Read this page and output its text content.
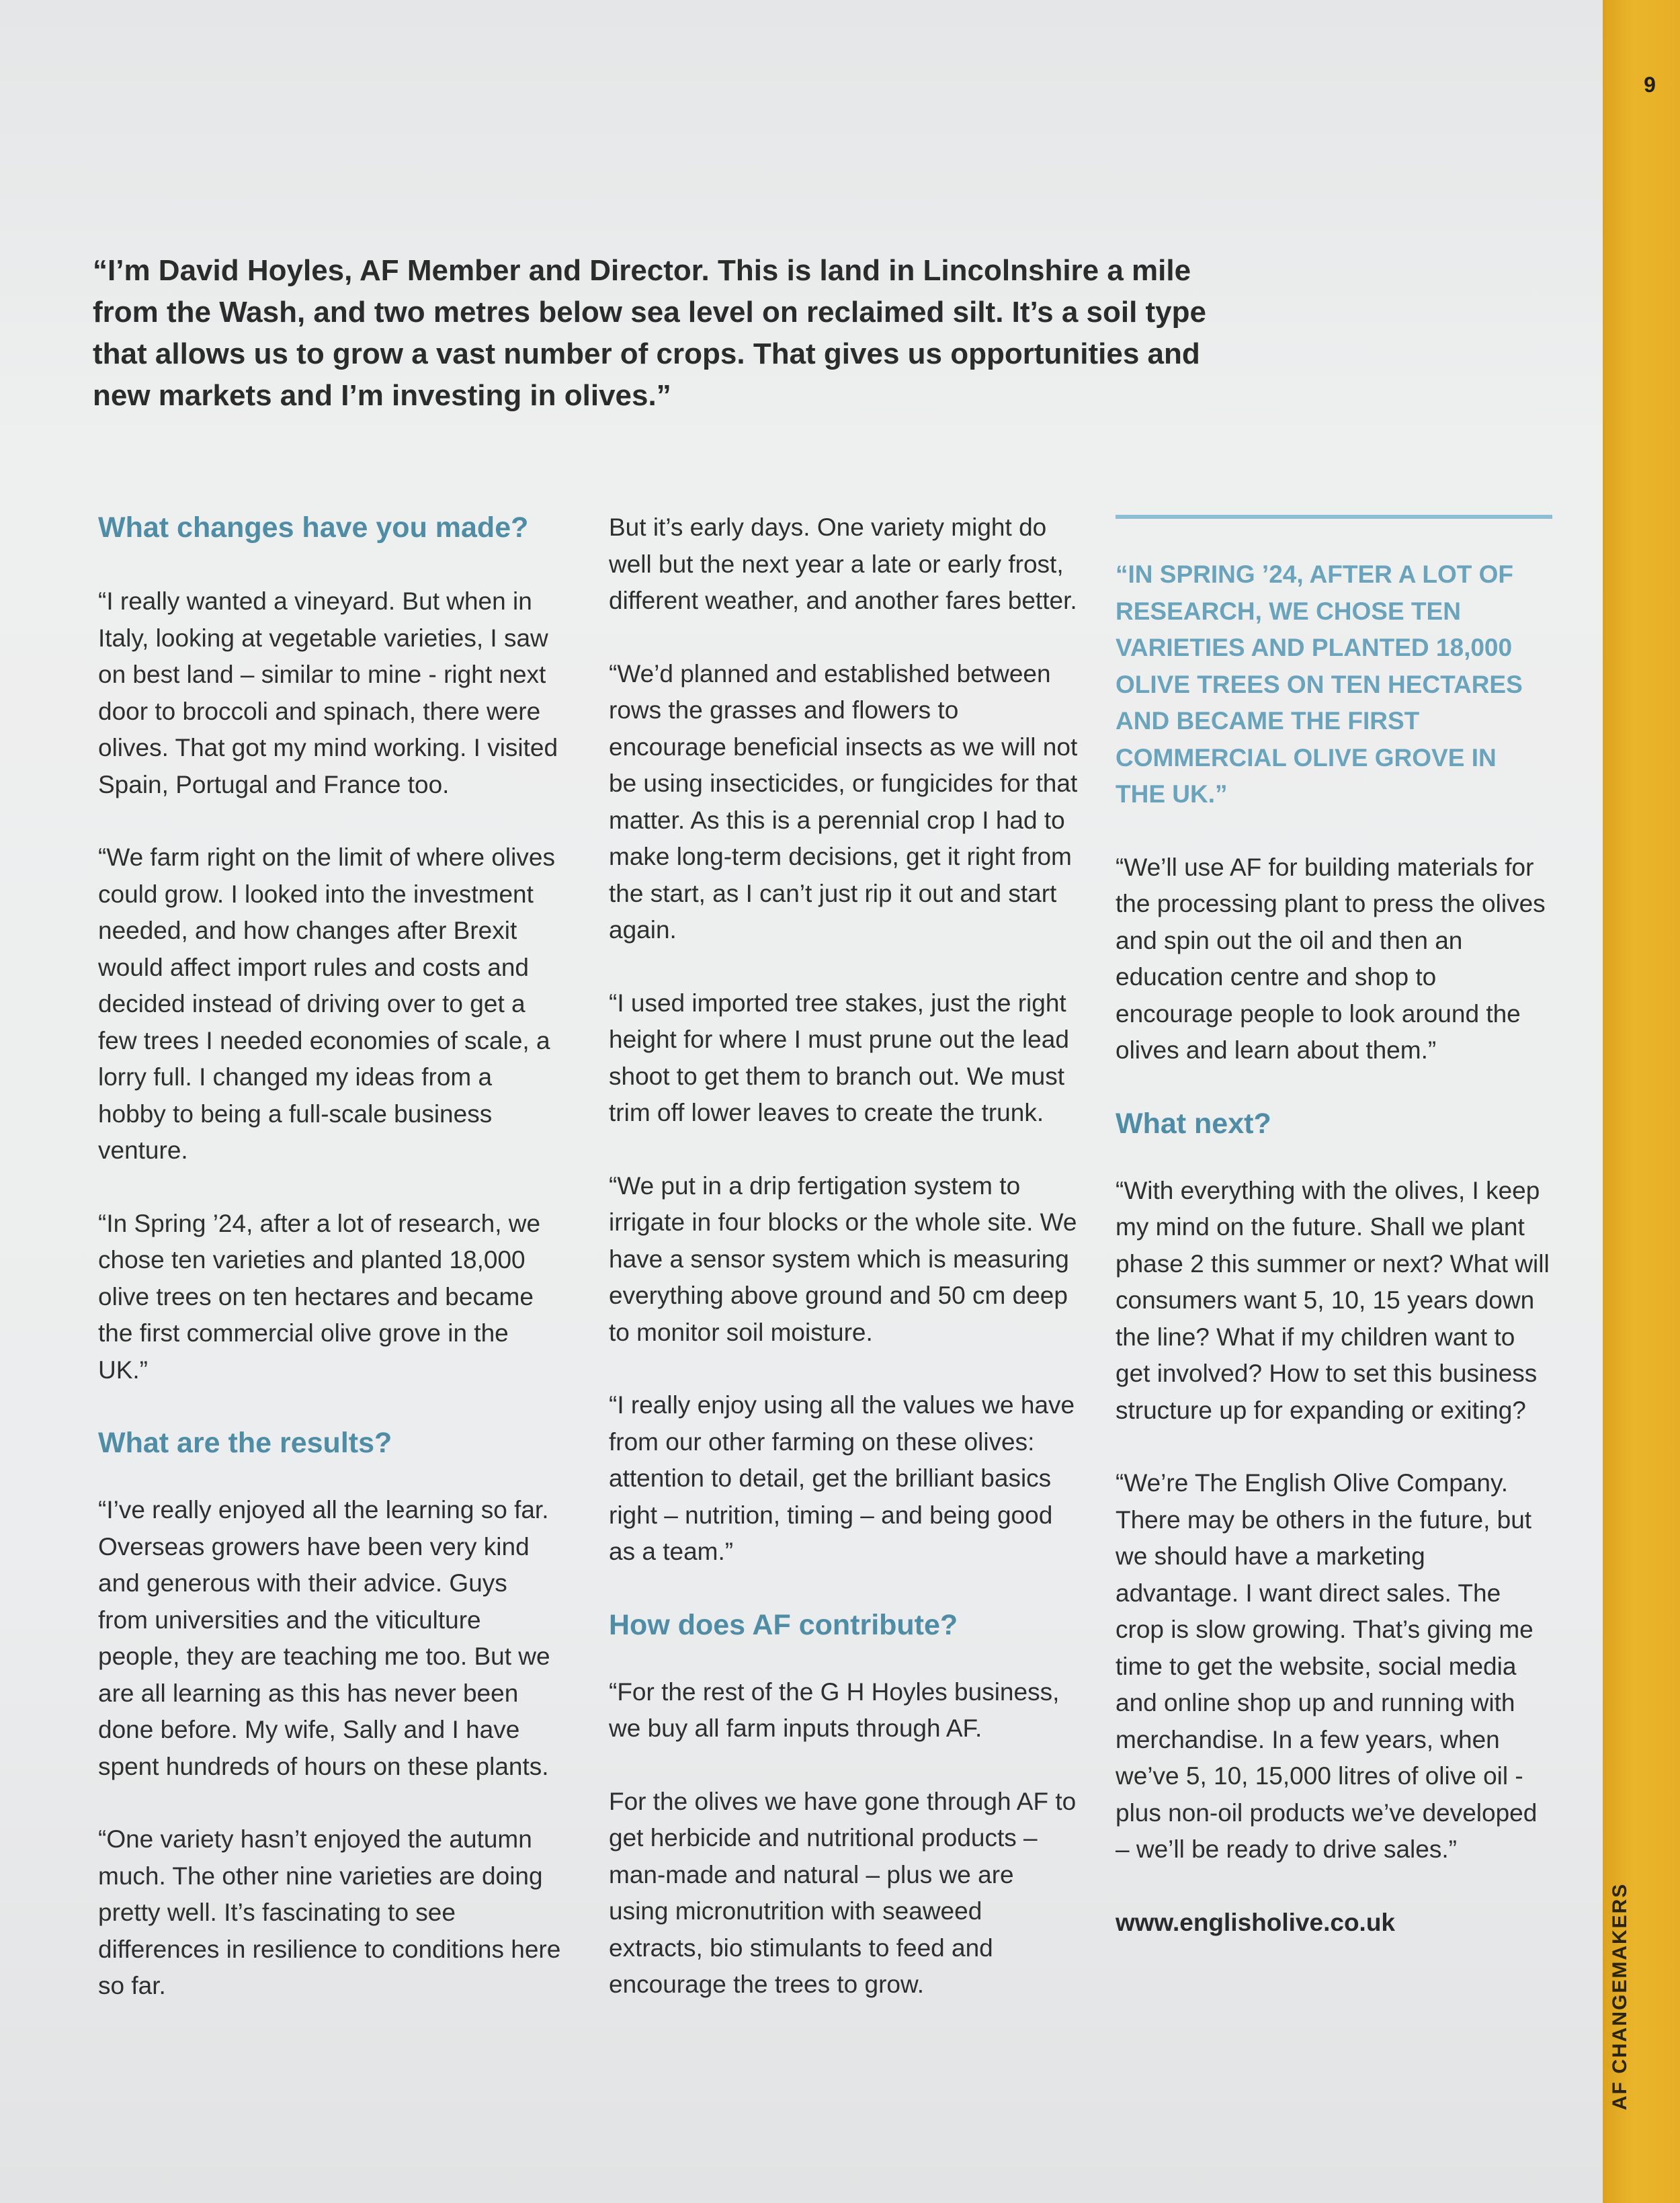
“I’m David Hoyles, AF Member and Director. This is land in Lincolnshire a mile from the Wash, and two metres below sea level on reclaimed silt. It’s a soil type that allows us to grow a vast number of crops. That gives us opportunities and new markets and I’m investing in olives.”

What changes have you made?

“I really wanted a vineyard. But when in Italy, looking at vegetable varieties, I saw on best land – similar to mine - right next door to broccoli and spinach, there were olives. That got my mind working. I visited Spain, Portugal and France too.

“We farm right on the limit of where olives could grow. I looked into the investment needed, and how changes after Brexit would affect import rules and costs and decided instead of driving over to get a few trees I needed economies of scale, a lorry full. I changed my ideas from a hobby to being a full-scale business venture.

“In Spring ’24, after a lot of research, we chose ten varieties and planted 18,000 olive trees on ten hectares and became the first commercial olive grove in the UK.”

What are the results?

“I’ve really enjoyed all the learning so far. Overseas growers have been very kind and generous with their advice. Guys from universities and the viticulture people, they are teaching me too. But we are all learning as this has never been done before. My wife, Sally and I have spent hundreds of hours on these plants.

“One variety hasn’t enjoyed the autumn much. The other nine varieties are doing pretty well. It’s fascinating to see differences in resilience to conditions here so far.

But it’s early days. One variety might do well but the next year a late or early frost, different weather, and another fares better.

“We’d planned and established between rows the grasses and flowers to encourage beneficial insects as we will not be using insecticides, or fungicides for that matter. As this is a perennial crop I had to make long-term decisions, get it right from the start, as I can’t just rip it out and start again.

“I used imported tree stakes, just the right height for where I must prune out the lead shoot to get them to branch out. We must trim off lower leaves to create the trunk.

“We put in a drip fertigation system to irrigate in four blocks or the whole site. We have a sensor system which is measuring everything above ground and 50 cm deep to monitor soil moisture.

“I really enjoy using all the values we have from our other farming on these olives: attention to detail, get the brilliant basics right – nutrition, timing – and being good as a team.”

How does AF contribute?

“For the rest of the G H Hoyles business, we buy all farm inputs through AF.

For the olives we have gone through AF to get herbicide and nutritional products – man-made and natural – plus we are using micronutrition with seaweed extracts, bio stimulants to feed and encourage the trees to grow.

“IN SPRING ’24, AFTER A LOT OF RESEARCH, WE CHOSE TEN VARIETIES AND PLANTED 18,000 OLIVE TREES ON TEN HECTARES AND BECAME THE FIRST COMMERCIAL OLIVE GROVE IN THE UK.”

“We’ll use AF for building materials for the processing plant to press the olives and spin out the oil and then an education centre and shop to encourage people to look around the olives and learn about them.”

What next?

“With everything with the olives, I keep my mind on the future. Shall we plant phase 2 this summer or next? What will consumers want 5, 10, 15 years down the line? What if my children want to get involved? How to set this business structure up for expanding or exiting?

“We’re The English Olive Company. There may be others in the future, but we should have a marketing advantage. I want direct sales. The crop is slow growing. That’s giving me time to get the website, social media and online shop up and running with merchandise. In a few years, when we’ve 5, 10, 15,000 litres of olive oil - plus non-oil products we’ve developed – we’ll be ready to drive sales.”

www.englisholive.co.uk

9

AF CHANGEMAKERS
